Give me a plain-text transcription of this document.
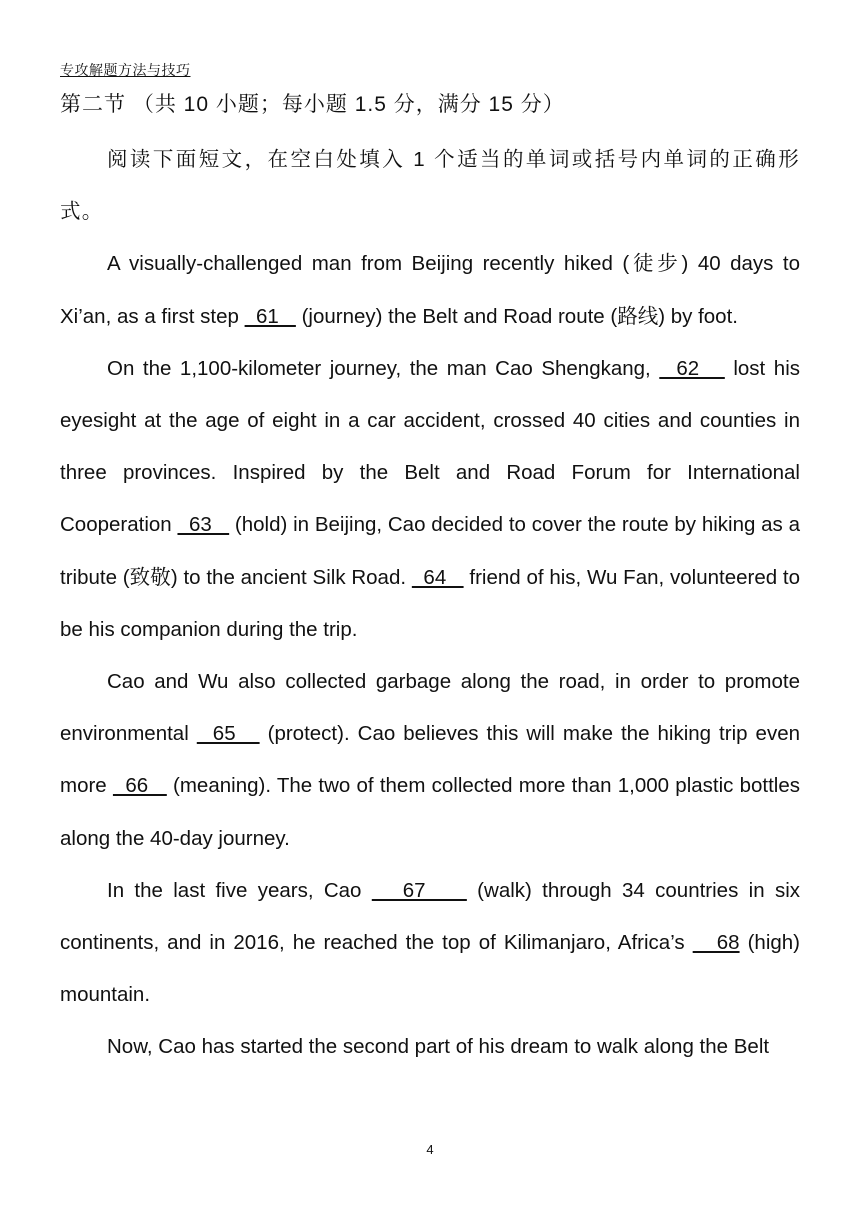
专攻解题方法与技巧
第二节 （共 10 小题；每小题 1.5 分，满分 15 分）

阅读下面短文，在空白处填入 1 个适当的单词或括号内单词的正确形式。

A visually-challenged man from Beijing recently hiked (徒步) 40 days to Xi’an, as a first step   61    (journey) the Belt and Road route (路线) by foot.

On the 1,100-kilometer journey, the man Cao Shengkang,   62    lost his eyesight at the age of eight in a car accident, crossed 40 cities and counties in three provinces. Inspired by the Belt and Road Forum for International Cooperation   63    (hold) in Beijing, Cao decided to cover the route by hiking as a tribute (致敬) to the ancient Silk Road.   64    friend of his, Wu Fan, volunteered to be his companion during the trip.

Cao and Wu also collected garbage along the road, in order to promote environmental   65    (protect). Cao believes this will make the hiking trip even more   66    (meaning). The two of them collected more than 1,000 plastic bottles along the 40-day journey.

In the last five years, Cao    67     (walk) through 34 countries in six continents, and in 2016, he reached the top of Kilimanjaro, Africa’s    68 (high) mountain.

Now, Cao has started the second part of his dream to walk along the Belt

4
